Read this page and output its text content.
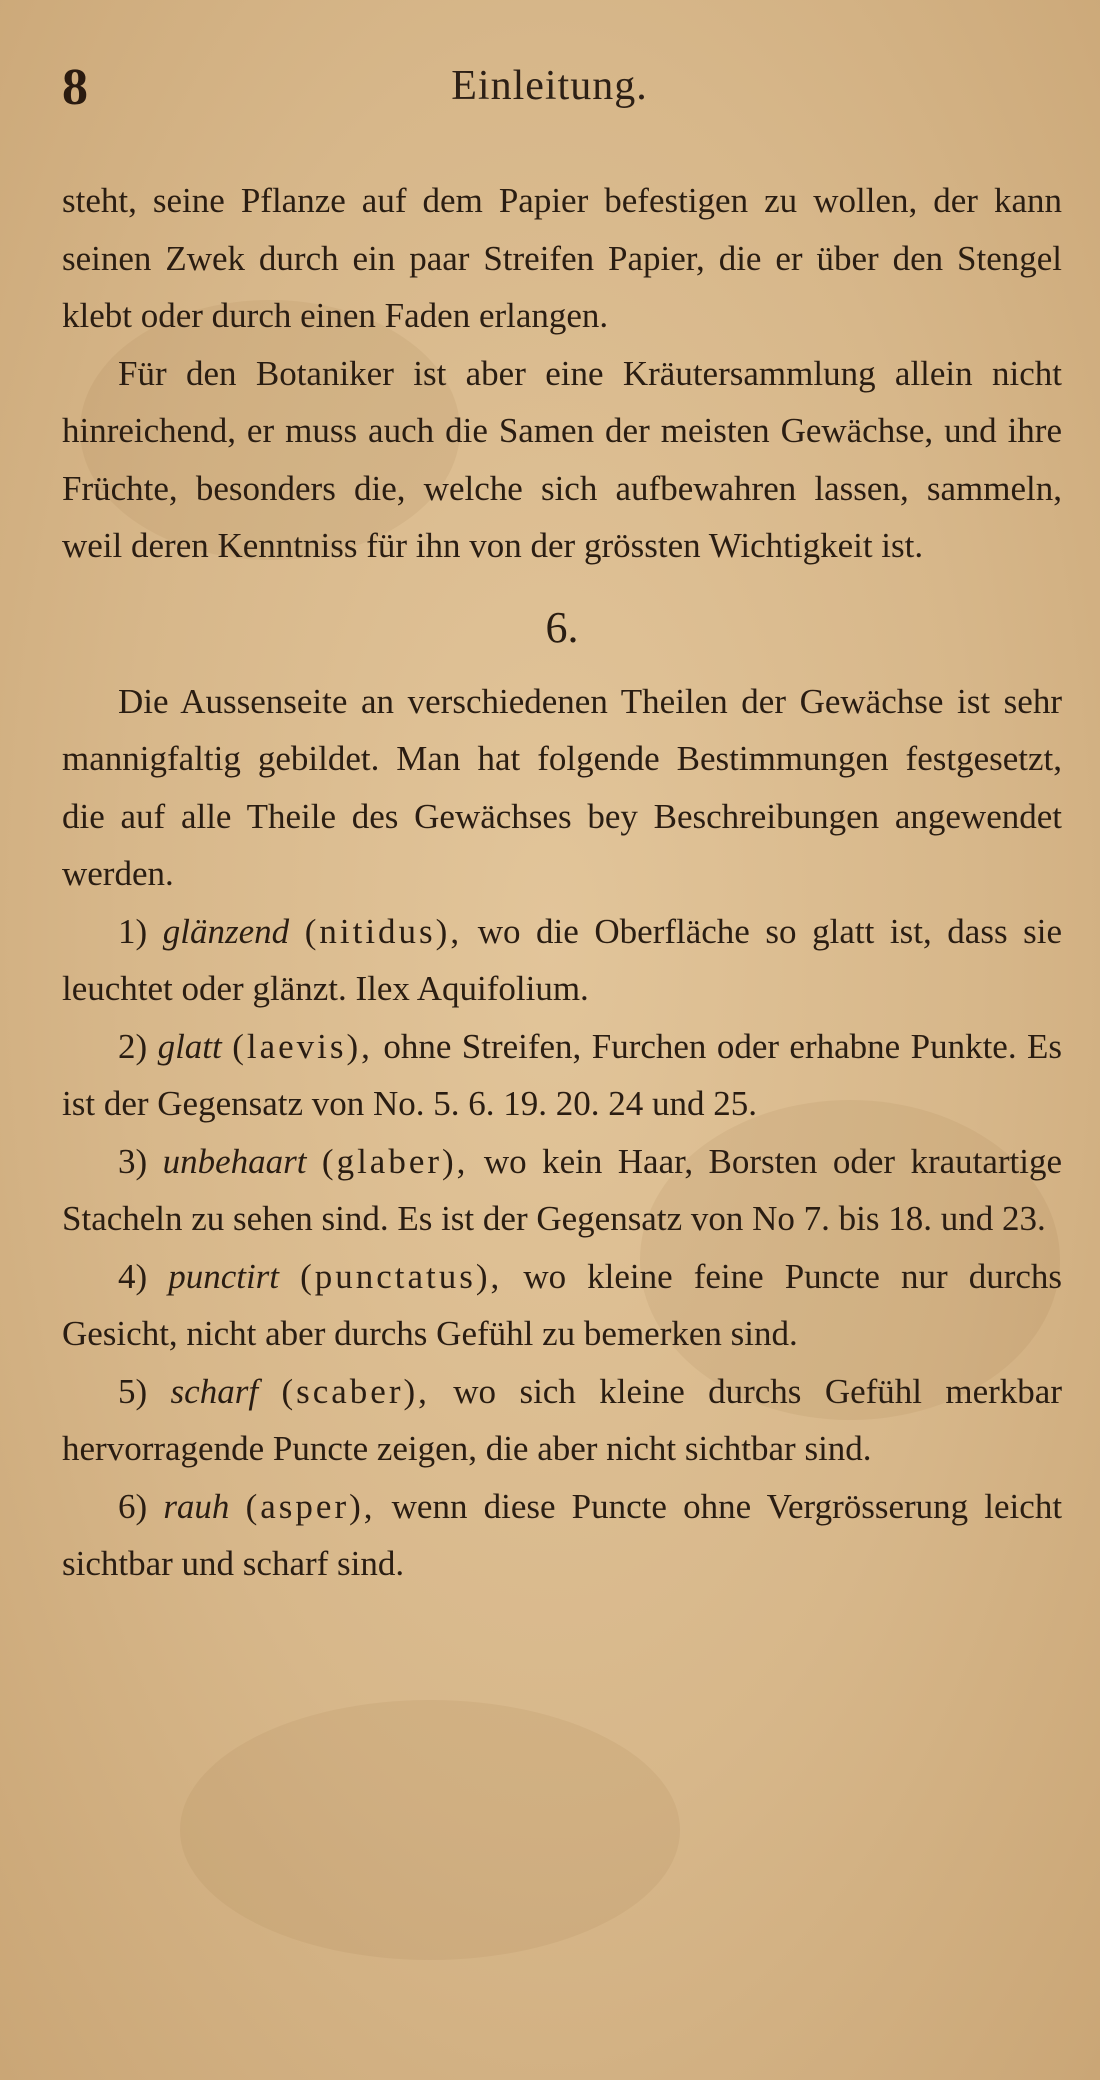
8	Einleitung.

steht, seine Pflanze auf dem Papier befestigen zu wollen, der kann seinen Zwek durch ein paar Streifen Papier, die er über den Stengel klebt oder durch einen Faden erlangen.

Für den Botaniker ist aber eine Kräutersammlung allein nicht hinreichend, er muss auch die Samen der meisten Gewächse, und ihre Früchte, besonders die, welche sich aufbewahren lassen, sammeln, weil deren Kenntniss für ihn von der grössten Wichtigkeit ist.

6.

Die Aussenseite an verschiedenen Theilen der Gewächse ist sehr mannigfaltig gebildet. Man hat folgende Bestimmungen festgesetzt, die auf alle Theile des Gewächses bey Beschreibungen angewendet werden.

1) glänzend (nitidus), wo die Oberfläche so glatt ist, dass sie leuchtet oder glänzt. Ilex Aquifolium.

2) glatt (laevis), ohne Streifen, Furchen oder erhabne Punkte. Es ist der Gegensatz von No. 5. 6. 19. 20. 24 und 25.

3) unbehaart (glaber), wo kein Haar, Borsten oder krautartige Stacheln zu sehen sind. Es ist der Gegensatz von No 7. bis 18. und 23.

4) punctirt (punctatus), wo kleine feine Puncte nur durchs Gesicht, nicht aber durchs Gefühl zu bemerken sind.

5) scharf (scaber), wo sich kleine durchs Gefühl merkbar hervorragende Puncte zeigen, die aber nicht sichtbar sind.

6) rauh (asper), wenn diese Puncte ohne Vergrösserung leicht sichtbar und scharf sind.
